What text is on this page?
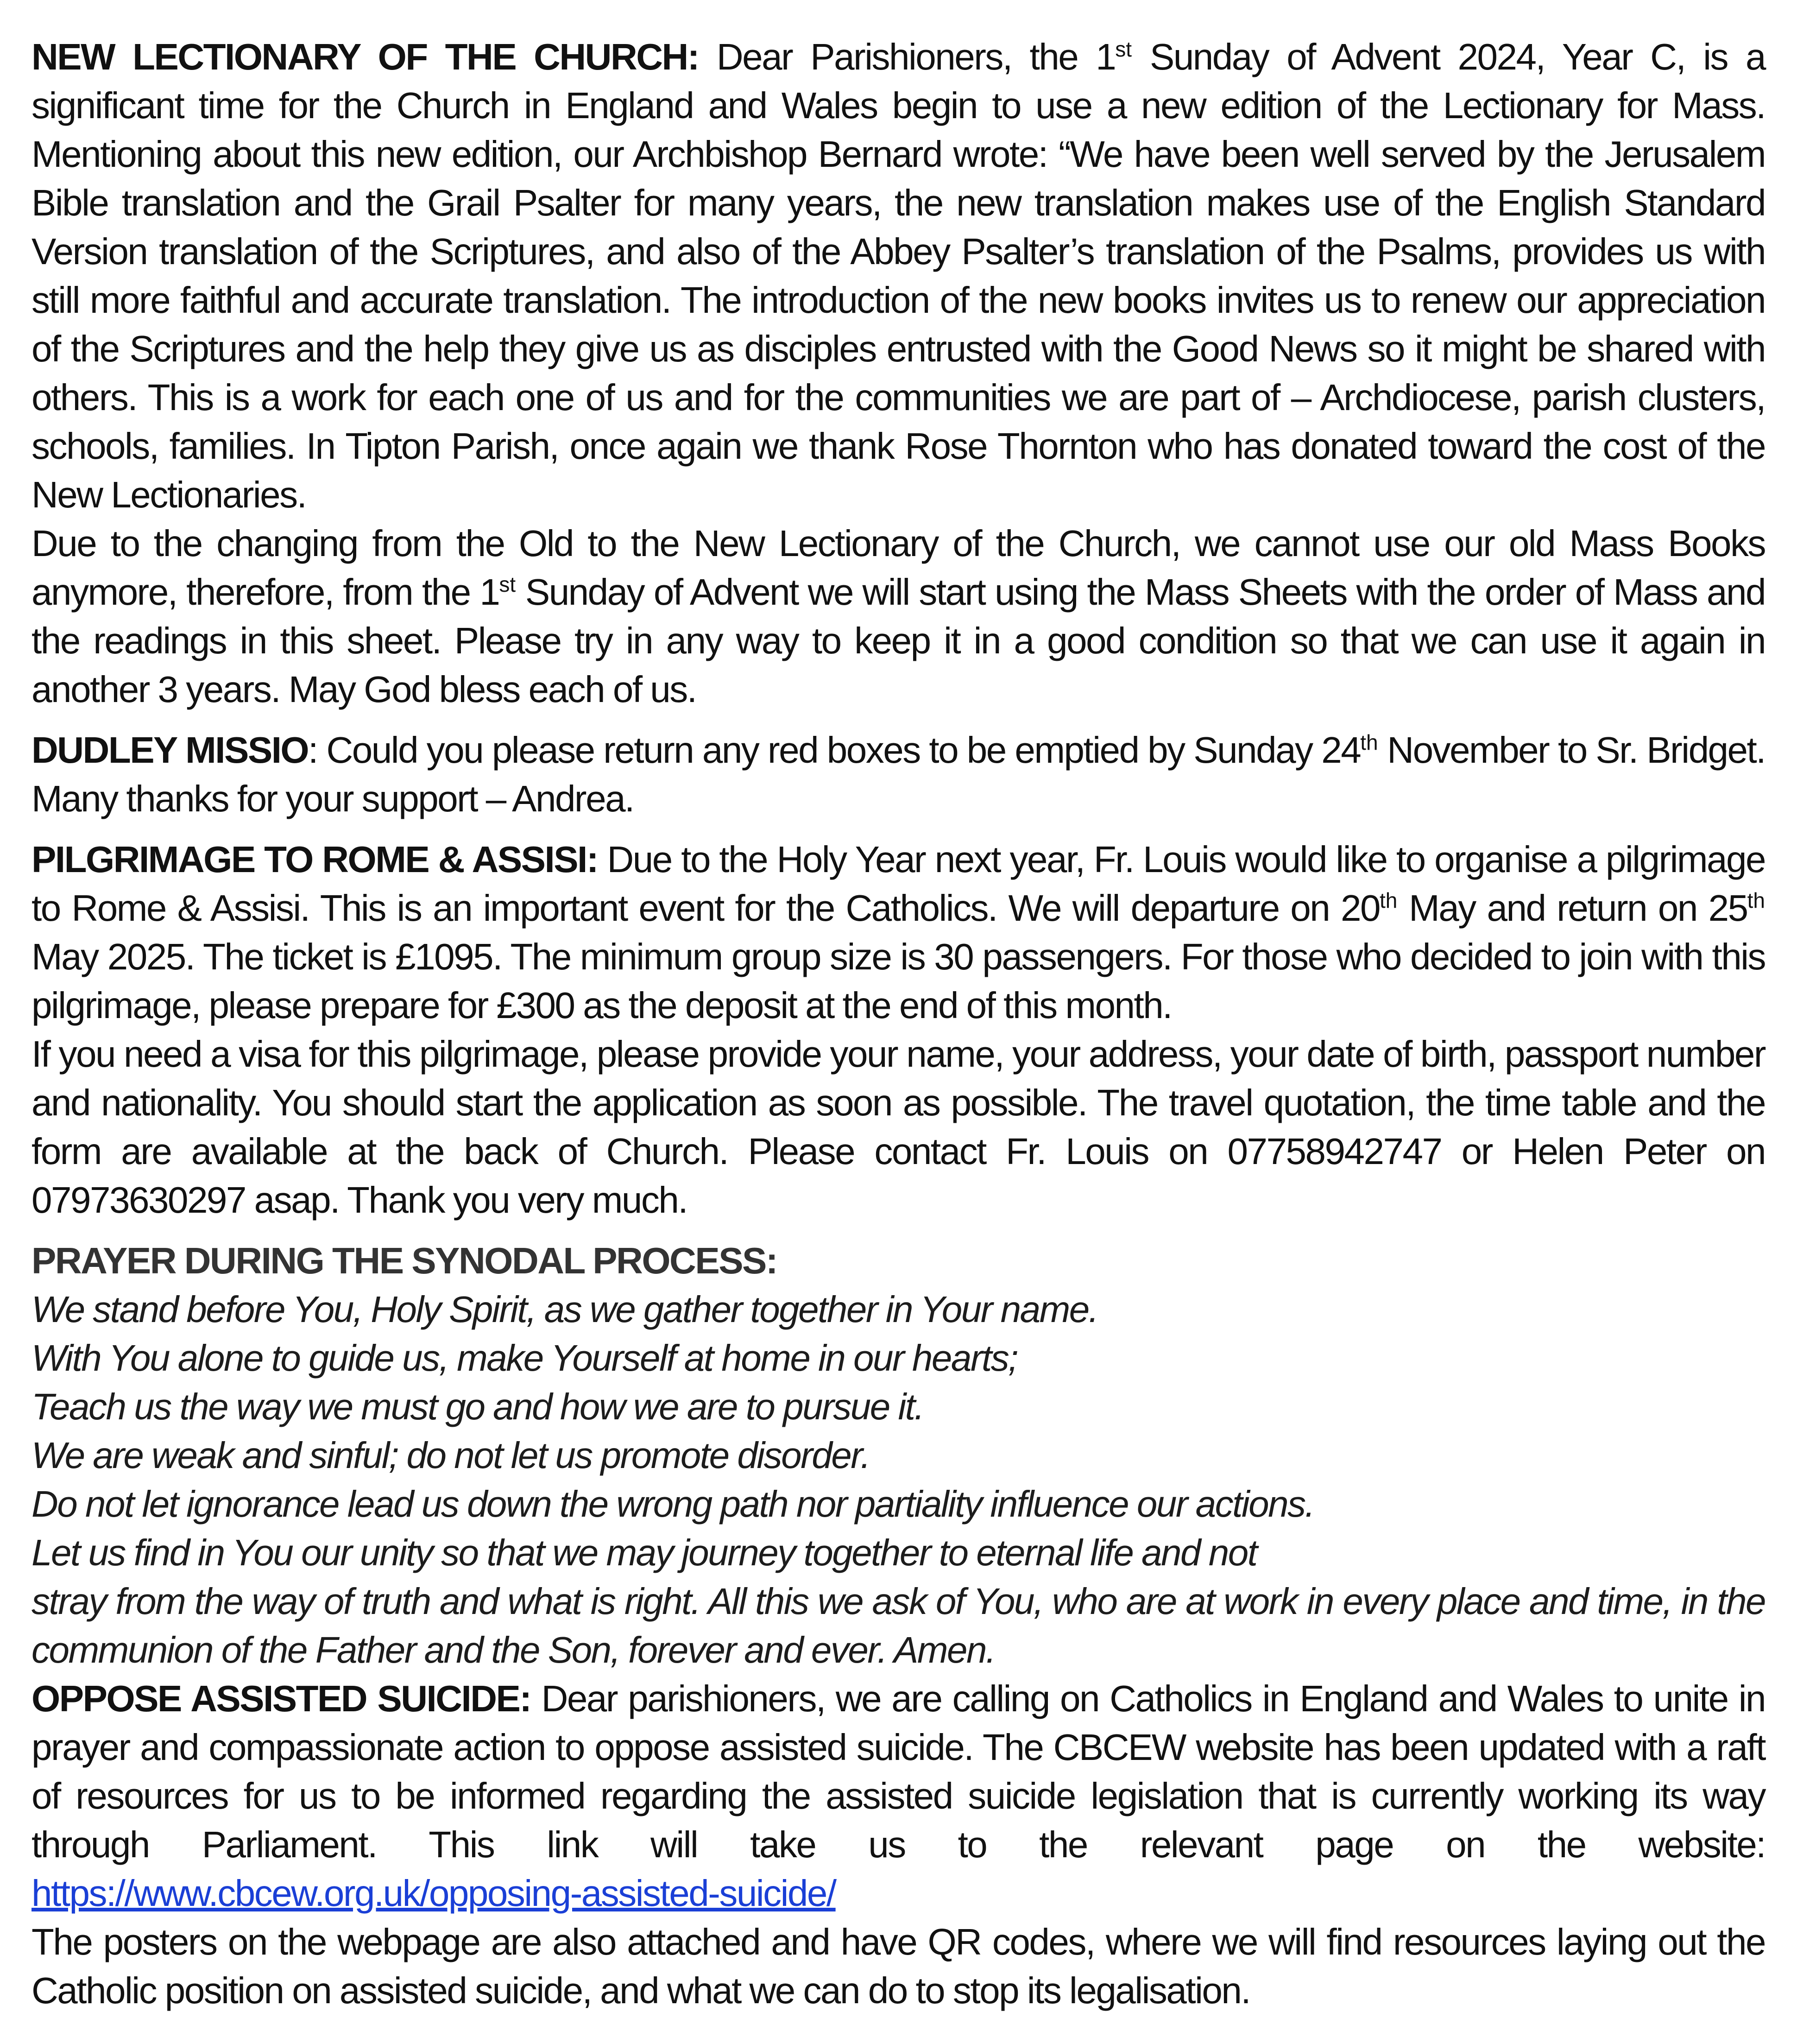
NEW LECTIONARY OF THE CHURCH: Dear Parishioners, the 1st Sunday of Advent 2024, Year C, is a significant time for the Church in England and Wales begin to use a new edition of the Lectionary for Mass. Mentioning about this new edition, our Archbishop Bernard wrote: “We have been well served by the Jerusalem Bible translation and the Grail Psalter for many years, the new translation makes use of the English Standard Version translation of the Scriptures, and also of the Abbey Psalter’s translation of the Psalms, provides us with still more faithful and accurate translation. The introduction of the new books invites us to renew our appreciation of the Scriptures and the help they give us as disciples entrusted with the Good News so it might be shared with others. This is a work for each one of us and for the communities we are part of – Archdiocese, parish clusters, schools, families. In Tipton Parish, once again we thank Rose Thornton who has donated toward the cost of the New Lectionaries.

Due to the changing from the Old to the New Lectionary of the Church, we cannot use our old Mass Books anymore, therefore, from the 1st Sunday of Advent we will start using the Mass Sheets with the order of Mass and the readings in this sheet. Please try in any way to keep it in a good condition so that we can use it again in another 3 years. May God bless each of us.

DUDLEY MISSIO: Could you please return any red boxes to be emptied by Sunday 24th November to Sr. Bridget. Many thanks for your support – Andrea.

PILGRIMAGE TO ROME & ASSISI: Due to the Holy Year next year, Fr. Louis would like to organise a pilgrimage to Rome & Assisi. This is an important event for the Catholics. We will departure on 20th May and return on 25th May 2025. The ticket is £1095. The minimum group size is 30 passengers. For those who decided to join with this pilgrimage, please prepare for £300 as the deposit at the end of this month.

If you need a visa for this pilgrimage, please provide your name, your address, your date of birth, passport number and nationality. You should start the application as soon as possible. The travel quotation, the time table and the form are available at the back of Church. Please contact Fr. Louis on 07758942747 or Helen Peter on 07973630297 asap. Thank you very much.

PRAYER DURING THE SYNODAL PROCESS:
We stand before You, Holy Spirit, as we gather together in Your name.
With You alone to guide us, make Yourself at home in our hearts;
Teach us the way we must go and how we are to pursue it.
We are weak and sinful; do not let us promote disorder.
Do not let ignorance lead us down the wrong path nor partiality influence our actions.
Let us find in You our unity so that we may journey together to eternal life and not

stray from the way of truth and what is right. All this we ask of You, who are at work in every place and time, in the communion of the Father and the Son, forever and ever. Amen.

OPPOSE ASSISTED SUICIDE: Dear parishioners, we are calling on Catholics in England and Wales to unite in prayer and compassionate action to oppose assisted suicide. The CBCEW website has been updated with a raft of resources for us to be informed regarding the assisted suicide legislation that is currently working its way through Parliament. This link will take us to the relevant page on the website:

https://www.cbcew.org.uk/opposing-assisted-suicide/

The posters on the webpage are also attached and have QR codes, where we will find resources laying out the Catholic position on assisted suicide, and what we can do to stop its legalisation.
